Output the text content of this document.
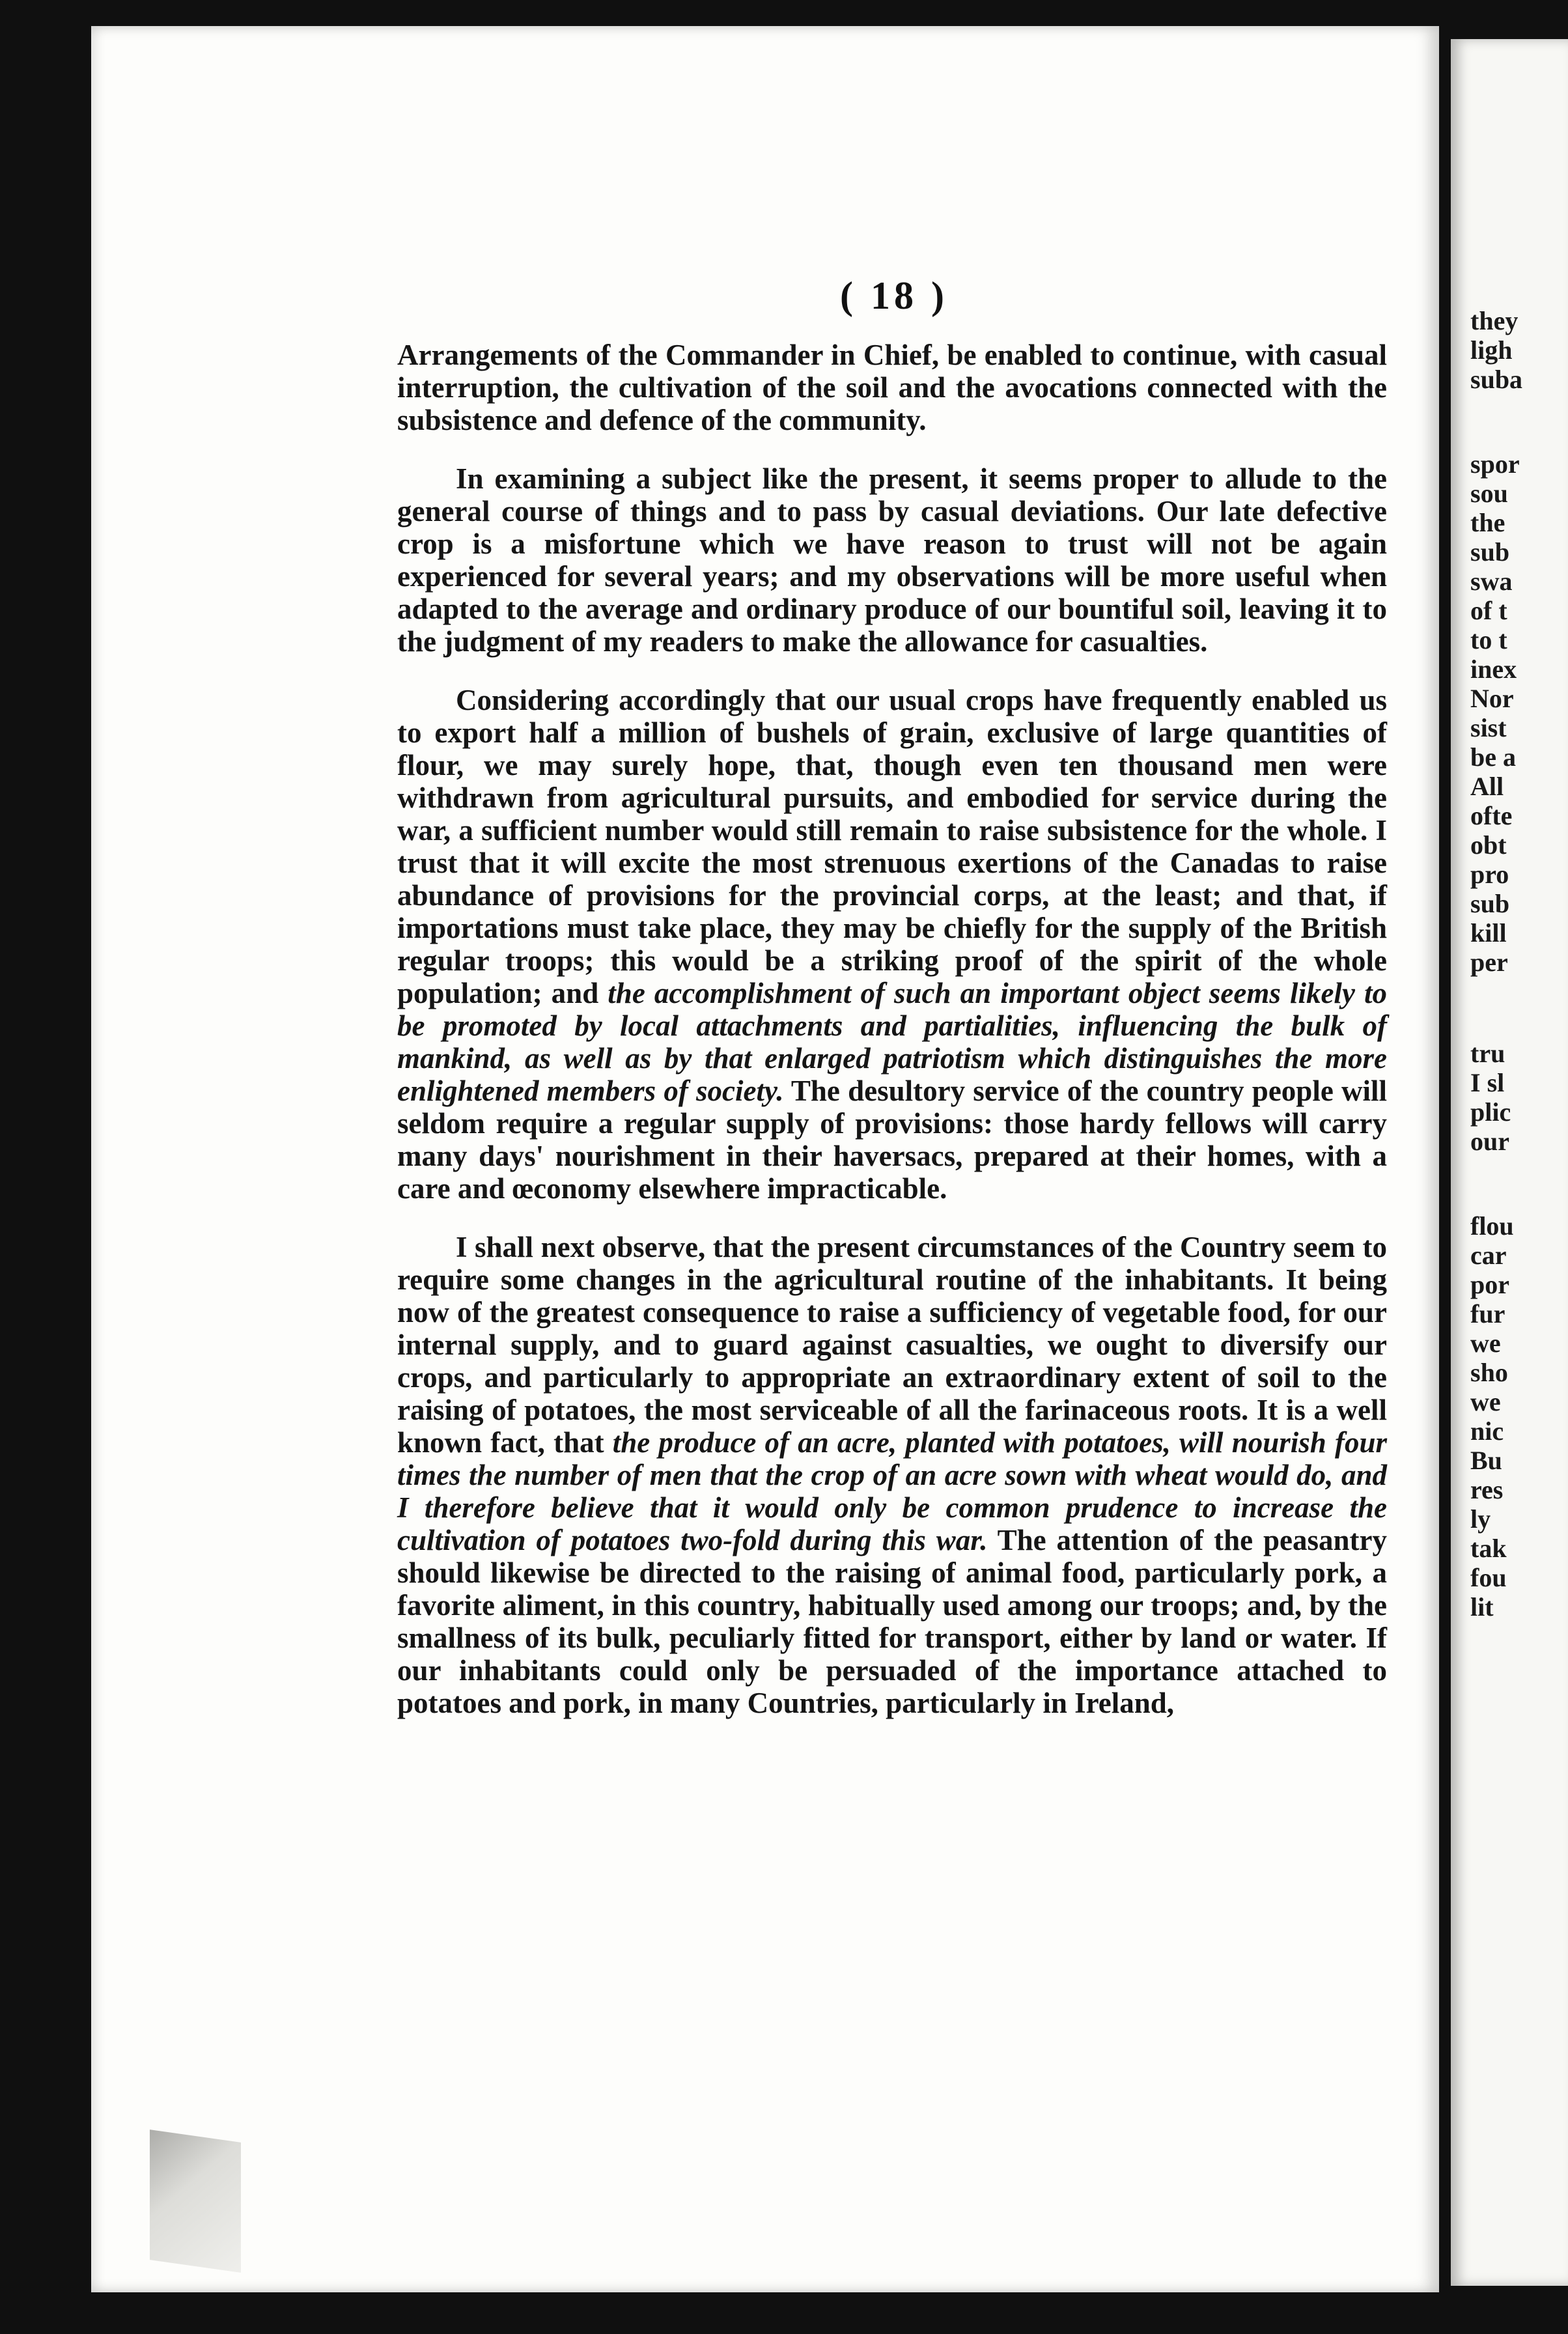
( 18 )

Arrangements of the Commander in Chief, be enabled to continue, with casual interruption, the cultivation of the soil and the avocations connected with the subsistence and defence of the community.

In examining a subject like the present, it seems proper to allude to the general course of things and to pass by casual deviations. Our late defective crop is a misfortune which we have reason to trust will not be again experienced for several years; and my observations will be more useful when adapted to the average and ordinary produce of our bountiful soil, leaving it to the judgment of my readers to make the allowance for casualties.

Considering accordingly that our usual crops have frequently enabled us to export half a million of bushels of grain, exclusive of large quantities of flour, we may surely hope, that, though even ten thousand men were withdrawn from agricultural pursuits, and embodied for service during the war, a sufficient number would still remain to raise subsistence for the whole. I trust that it will excite the most strenuous exertions of the Canadas to raise abundance of provisions for the provincial corps, at the least; and that, if importations must take place, they may be chiefly for the supply of the British regular troops; this would be a striking proof of the spirit of the whole population; and the accomplishment of such an important object seems likely to be promoted by local attachments and partialities, influencing the bulk of mankind, as well as by that enlarged patriotism which distinguishes the more enlightened members of society. The desultory service of the country people will seldom require a regular supply of provisions: those hardy fellows will carry many days' nourishment in their haversacs, prepared at their homes, with a care and œconomy elsewhere impracticable.

I shall next observe, that the present circumstances of the Country seem to require some changes in the agricultural routine of the inhabitants. It being now of the greatest consequence to raise a sufficiency of vegetable food, for our internal supply, and to guard against casualties, we ought to diversify our crops, and particularly to appropriate an extraordinary extent of soil to the raising of potatoes, the most serviceable of all the farinaceous roots. It is a well known fact, that the produce of an acre, planted with potatoes, will nourish four times the number of men that the crop of an acre sown with wheat would do, and I therefore believe that it would only be common prudence to increase the cultivation of potatoes two-fold during this war. The attention of the peasantry should likewise be directed to the raising of animal food, particularly pork, a favorite aliment, in this country, habitually used among our troops; and, by the smallness of its bulk, peculiarly fitted for transport, either by land or water. If our inhabitants could only be persuaded of the importance attached to potatoes and pork, in many Countries, particularly in Ireland,

they
ligh
suba
spor
sou
the
sub
swa
of t
to t
inex
Nor
sist
be a
All
ofte
obt
pro
sub
kill
per
tru
I sl
plic
our
flou
car
por
fur
we
sho
we
nic
Bu
res
ly
tak
fou
lit
